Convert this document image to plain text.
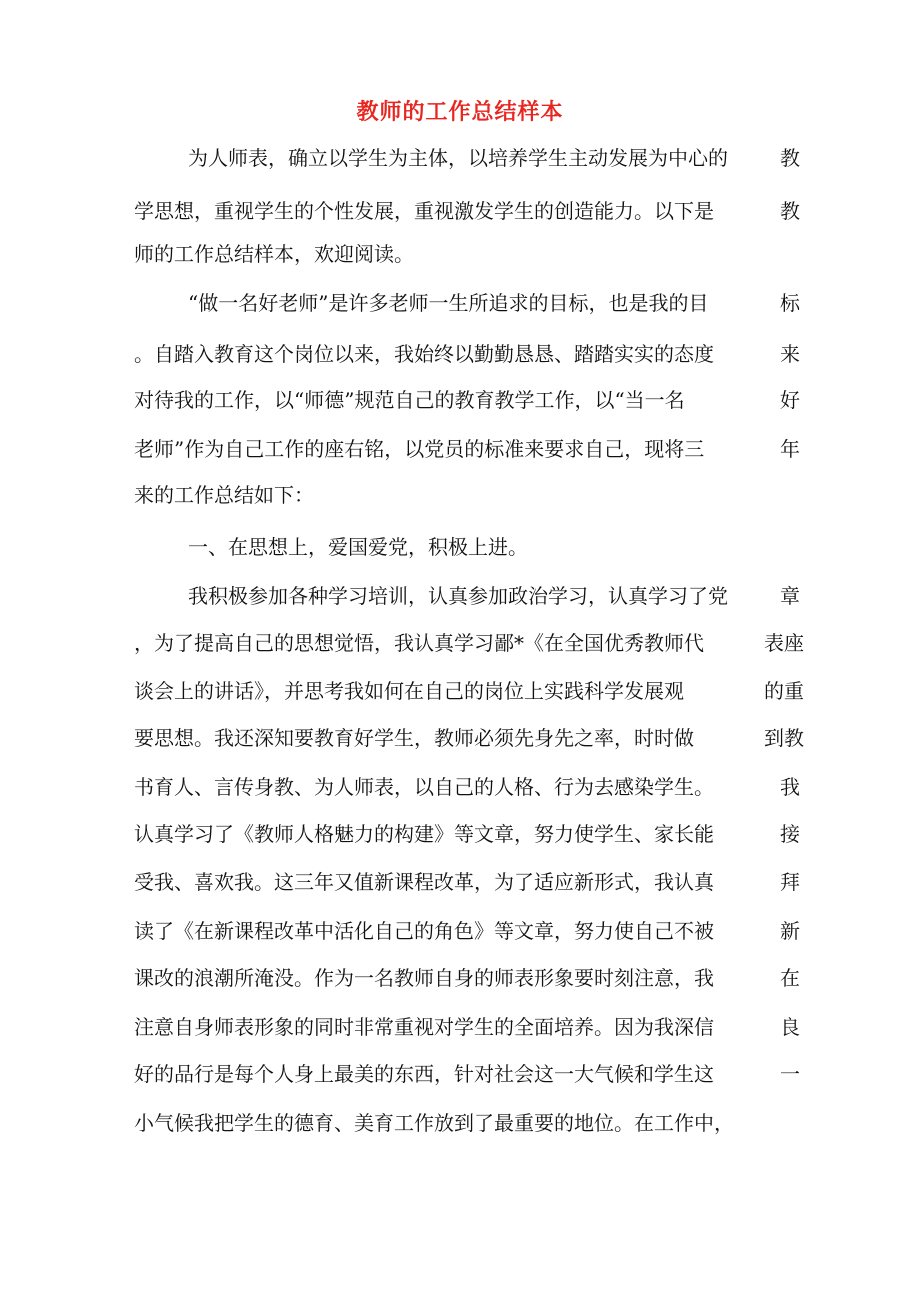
教师的工作总结样本
为人师表，确立以学生为主体，以培养学生主动发展为中心的	教
学思想，重视学生的个性发展，重视激发学生的创造能力。以下是	教
师的工作总结样本，欢迎阅读。
“做一名好老师”是许多老师一生所追求的目标，也是我的目	标
。自踏入教育这个岗位以来，我始终以勤勤恳恳、踏踏实实的态度	来
对待我的工作，以“师德”规范自己的教育教学工作，以“当一名	好
老师”作为自己工作的座右铭，以党员的标准来要求自己，现将三	年
来的工作总结如下：
一、在思想上，爱国爱党，积极上进。
我积极参加各种学习培训，认真参加政治学习，认真学习了党	章
，为了提高自己的思想觉悟，我认真学习鄙*《在全国优秀教师代	表座
谈会上的讲话》，并思考我如何在自己的岗位上实践科学发展观	的重
要思想。我还深知要教育好学生，教师必须先身先之率，时时做	到教
书育人、言传身教、为人师表，以自己的人格、行为去感染学生。	我
认真学习了《教师人格魅力的构建》等文章，努力使学生、家长能	接
受我、喜欢我。这三年又值新课程改革，为了适应新形式，我认真	拜
读了《在新课程改革中活化自己的角色》等文章，努力使自己不被	新
课改的浪潮所淹没。作为一名教师自身的师表形象要时刻注意，我	在
注意自身师表形象的同时非常重视对学生的全面培养。因为我深信	良
好的品行是每个人身上最美的东西，针对社会这一大气候和学生这	一
小气候我把学生的德育、美育工作放到了最重要的地位。在工作中，
